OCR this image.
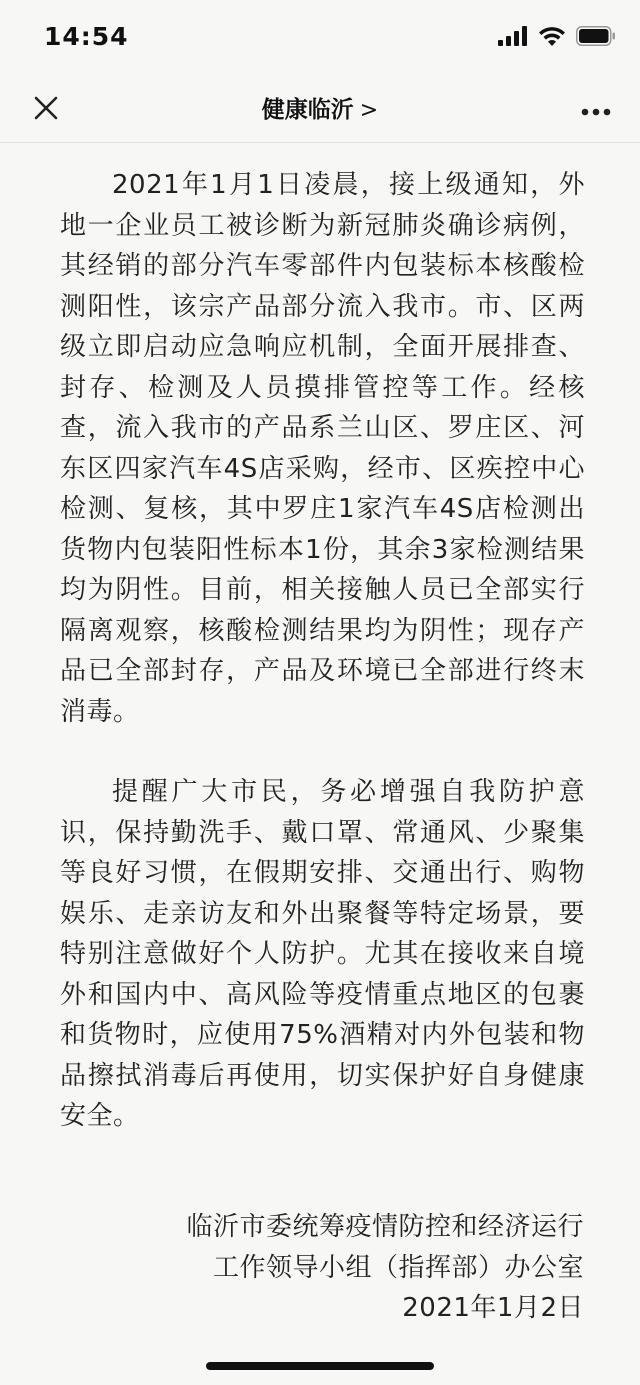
14:54
健康临沂 >

2021年1月1日凌晨，接上级通知，外地一企业员工被诊断为新冠肺炎确诊病例，其经销的部分汽车零部件内包装标本核酸检测阳性，该宗产品部分流入我市。市、区两级立即启动应急响应机制，全面开展排查、封存、检测及人员摸排管控等工作。经核查，流入我市的产品系兰山区、罗庄区、河东区四家汽车4S店采购，经市、区疾控中心检测、复核，其中罗庄1家汽车4S店检测出货物内包装阳性标本1份，其余3家检测结果均为阴性。目前，相关接触人员已全部实行隔离观察，核酸检测结果均为阴性；现存产品已全部封存，产品及环境已全部进行终末消毒。

提醒广大市民，务必增强自我防护意识，保持勤洗手、戴口罩、常通风、少聚集等良好习惯，在假期安排、交通出行、购物娱乐、走亲访友和外出聚餐等特定场景，要特别注意做好个人防护。尤其在接收来自境外和国内中、高风险等疫情重点地区的包裹和货物时，应使用75%酒精对内外包装和物品擦拭消毒后再使用，切实保护好自身健康安全。

临沂市委统筹疫情防控和经济运行
工作领导小组（指挥部）办公室
2021年1月2日
